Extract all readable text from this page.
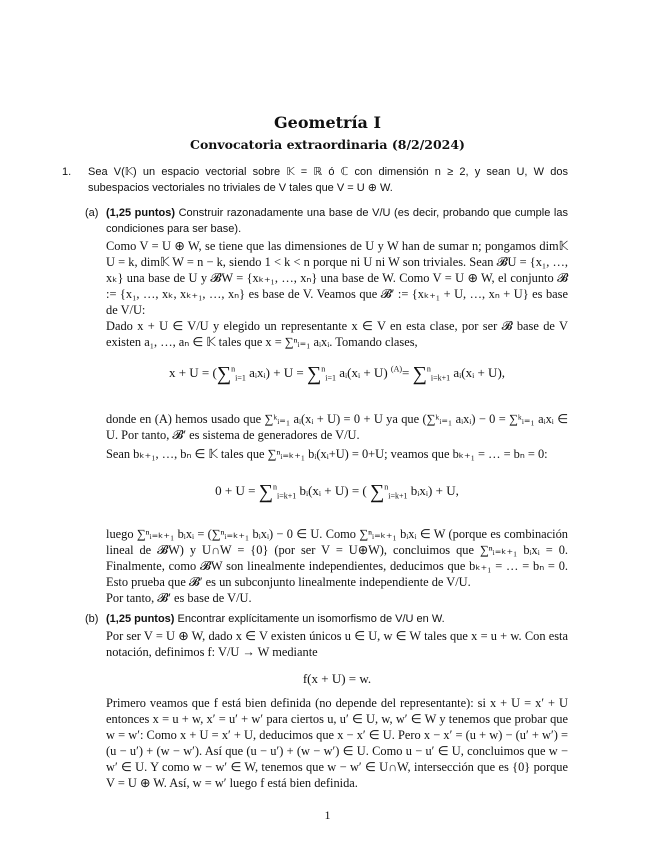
Geometría I
Convocatoria extraordinaria (8/2/2024)
1. Sea V(𝕂) un espacio vectorial sobre 𝕂 = ℝ ó ℂ con dimensión n ≥ 2, y sean U, W dos subespacios vectoriales no triviales de V tales que V = U ⊕ W.
(a) (1,25 puntos) Construir razonadamente una base de V/U (es decir, probando que cumple las condiciones para ser base).
Como V = U ⊕ W, se tiene que las dimensiones de U y W han de sumar n; pongamos dim𝕂 U = k, dim𝕂 W = n − k, siendo 1 < k < n porque ni U ni W son triviales. Sean 𝓑U = {x₁, …, xₖ} una base de U y 𝓑W = {xₖ₊₁, …, xₙ} una base de W. Como V = U ⊕ W, el conjunto 𝓑 := {x₁, …, xₖ, xₖ₊₁, …, xₙ} es base de V. Veamos que 𝓑′ := {xₖ₊₁ + U, …, xₙ + U} es base de V/U:
Dado x + U ∈ V/U y elegido un representante x ∈ V en esta clase, por ser 𝓑 base de V existen a₁, …, aₙ ∈ 𝕂 tales que x = ∑ⁿᵢ₌₁ aᵢxᵢ. Tomando clases,
x + U = (∑$^n_{i=1}$ aᵢxᵢ) + U = ∑$^n_{i=1}$ aᵢ(xᵢ + U) $^{(A)}$= ∑$^n_{i=k+1}$ aᵢ(xᵢ + U),
donde en (A) hemos usado que ∑ᵏᵢ₌₁ aᵢ(xᵢ + U) = 0 + U ya que (∑ᵏᵢ₌₁ aᵢxᵢ) − 0 = ∑ᵏᵢ₌₁ aᵢxᵢ ∈ U. Por tanto, 𝓑′ es sistema de generadores de V/U.
Sean bₖ₊₁, …, bₙ ∈ 𝕂 tales que ∑ⁿᵢ₌ₖ₊₁ bᵢ(xᵢ+U) = 0+U; veamos que bₖ₊₁ = … = bₙ = 0:
0 + U = ∑$^n_{i=k+1}$ bᵢ(xᵢ + U) = ( ∑$^n_{i=k+1}$ bᵢxᵢ) + U,
luego ∑ⁿᵢ₌ₖ₊₁ bᵢxᵢ = (∑ⁿᵢ₌ₖ₊₁ bᵢxᵢ) − 0 ∈ U. Como ∑ⁿᵢ₌ₖ₊₁ bᵢxᵢ ∈ W (porque es combinación lineal de 𝓑W) y U∩W = {0} (por ser V = U⊕W), concluimos que ∑ⁿᵢ₌ₖ₊₁ bᵢxᵢ = 0. Finalmente, como 𝓑W son linealmente independientes, deducimos que bₖ₊₁ = … = bₙ = 0. Esto prueba que 𝓑′ es un subconjunto linealmente independiente de V/U.
Por tanto, 𝓑′ es base de V/U.
(b) (1,25 puntos) Encontrar explícitamente un isomorfismo de V/U en W.
Por ser V = U ⊕ W, dado x ∈ V existen únicos u ∈ U, w ∈ W tales que x = u + w. Con esta notación, definimos f: V/U → W mediante
f(x + U) = w.
Primero veamos que f está bien definida (no depende del representante): si x + U = x′ + U entonces x = u + w, x′ = u′ + w′ para ciertos u, u′ ∈ U, w, w′ ∈ W y tenemos que probar que w = w′: Como x + U = x′ + U, deducimos que x − x′ ∈ U. Pero x − x′ = (u + w) − (u′ + w′) = (u − u′) + (w − w′). Así que (u − u′) + (w − w′) ∈ U. Como u − u′ ∈ U, concluimos que w − w′ ∈ U. Y como w − w′ ∈ W, tenemos que w − w′ ∈ U∩W, intersección que es {0} porque V = U ⊕ W. Así, w = w′ luego f está bien definida.
1
